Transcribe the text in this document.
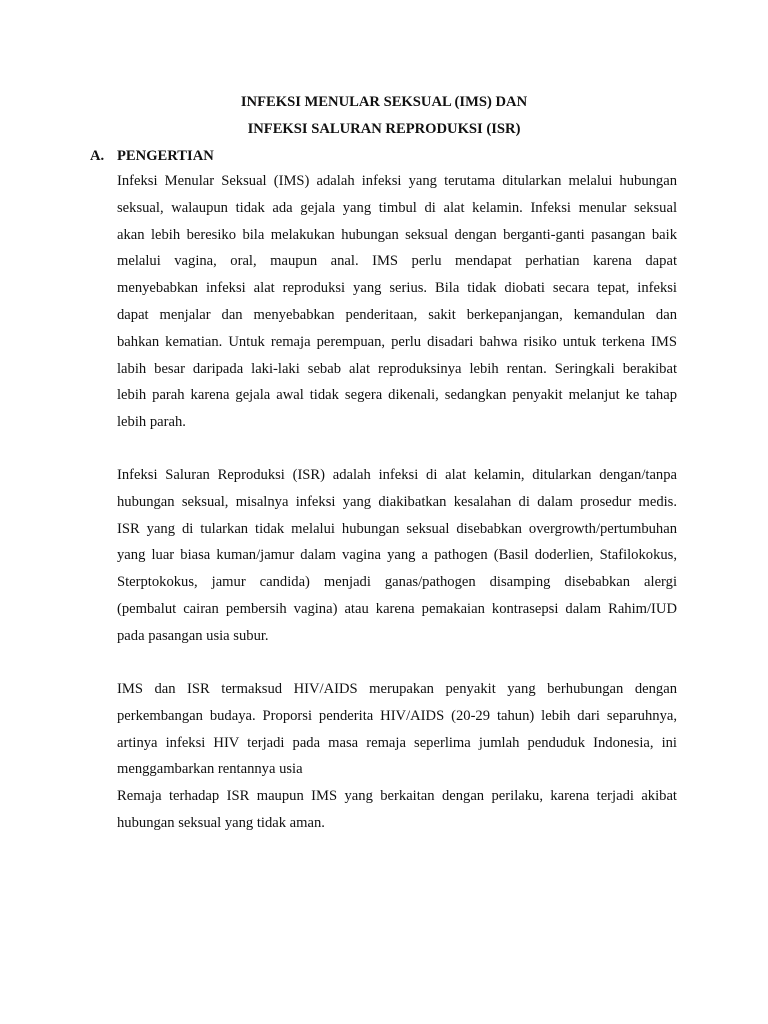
INFEKSI MENULAR SEKSUAL (IMS) DAN
INFEKSI SALURAN REPRODUKSI (ISR)
A. PENGERTIAN
Infeksi Menular Seksual (IMS) adalah infeksi yang terutama ditularkan melalui hubungan
seksual, walaupun tidak ada gejala yang timbul di alat kelamin. Infeksi menular seksual
akan lebih beresiko bila melakukan hubungan seksual dengan berganti-ganti pasangan baik
melalui vagina, oral, maupun anal. IMS perlu mendapat perhatian karena dapat
menyebabkan infeksi alat reproduksi yang serius. Bila tidak diobati secara tepat, infeksi
dapat menjalar dan menyebabkan penderitaan, sakit berkepanjangan, kemandulan dan
bahkan kematian. Untuk remaja perempuan, perlu disadari bahwa risiko untuk terkena IMS
labih besar daripada laki-laki sebab alat reproduksinya lebih rentan. Seringkali berakibat
lebih parah karena gejala awal tidak segera dikenali, sedangkan penyakit melanjut ke tahap
lebih parah.
Infeksi Saluran Reproduksi (ISR) adalah infeksi di alat kelamin, ditularkan dengan/tanpa
hubungan seksual, misalnya infeksi yang diakibatkan kesalahan di dalam prosedur medis.
ISR yang di tularkan tidak melalui hubungan seksual disebabkan overgrowth/pertumbuhan
yang luar biasa kuman/jamur dalam vagina yang a pathogen (Basil doderlien, Stafilokokus,
Sterptokokus, jamur candida) menjadi ganas/pathogen disamping disebabkan alergi
(pembalut cairan pembersih vagina) atau karena pemakaian kontrasepsi dalam Rahim/IUD
pada pasangan usia subur.
IMS dan ISR termaksud HIV/AIDS merupakan penyakit yang berhubungan dengan
perkembangan budaya. Proporsi penderita HIV/AIDS (20-29 tahun) lebih dari separuhnya,
artinya infeksi HIV terjadi pada masa remaja seperlima jumlah penduduk Indonesia, ini
menggambarkan rentannya usia
Remaja terhadap ISR maupun IMS yang berkaitan dengan perilaku, karena terjadi akibat
hubungan seksual yang tidak aman.
